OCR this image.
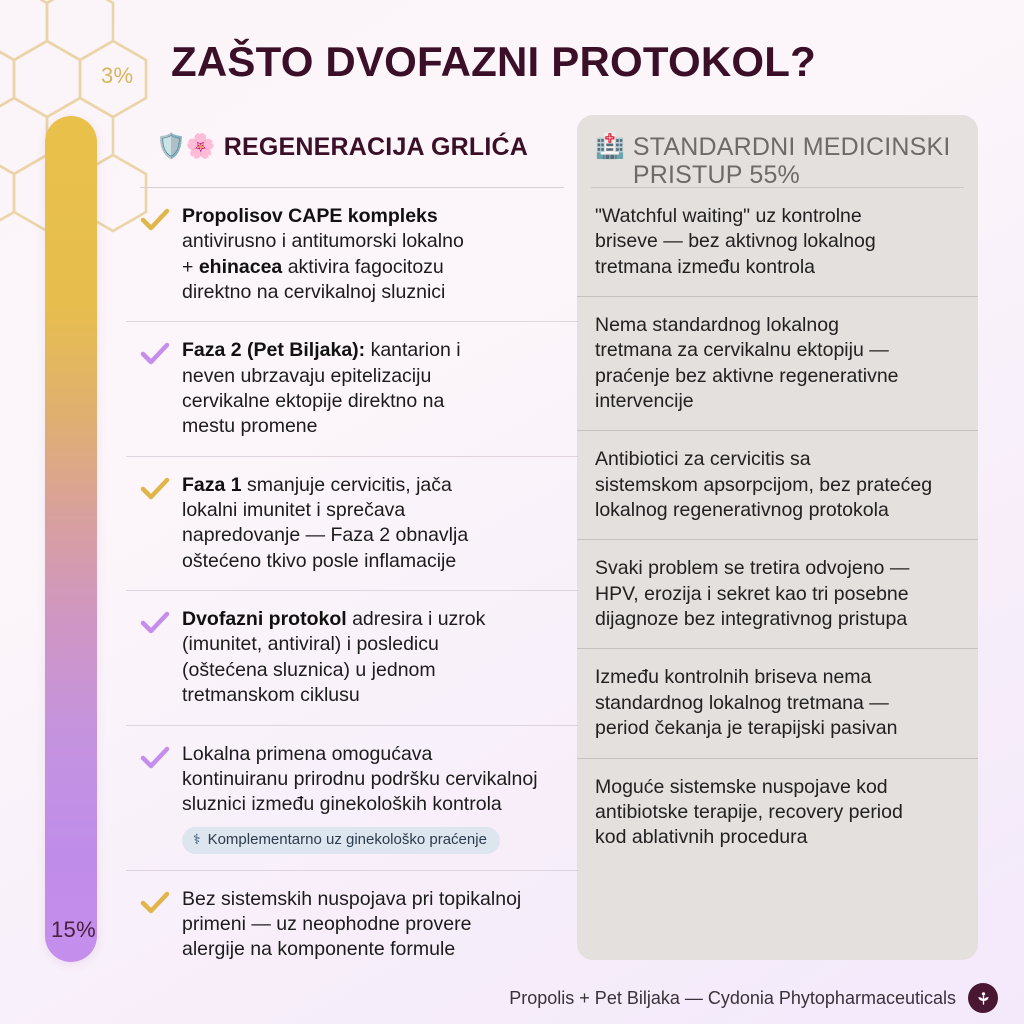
3%
15%
ZAŠTO DVOFAZNI PROTOKOL?
🛡️🌸 REGENERACIJA GRLIĆA
Propolisov CAPE kompleks
antivirusno i antitumorski lokalno
+ ehinacea aktivira fagocitozu
direktno na cervikalnoj sluznici
Faza 2 (Pet Biljaka): kantarion i
neven ubrzavaju epitelizaciju
cervikalne ektopije direktno na
mestu promene
Faza 1 smanjuje cervicitis, jača
lokalni imunitet i sprečava
napredovanje — Faza 2 obnavlja
oštećeno tkivo posle inflamacije
Dvofazni protokol adresira i uzrok
(imunitet, antiviral) i posledicu
(oštećena sluznica) u jednom
tretmanskom ciklusu
Lokalna primena omogućava
kontinuiranu prirodnu podršku cervikalnoj
sluznici između ginekoloških kontrola
⚕ Komplementarno uz ginekološko praćenje
Bez sistemskih nuspojava pri topikalnoj
primeni — uz neophodne provere
alergije na komponente formule
🏥 STANDARDNI MEDICINSKI PRISTUP 55%
"Watchful waiting" uz kontrolne
briseve — bez aktivnog lokalnog
tretmana između kontrola
Nema standardnog lokalnog
tretmana za cervikalnu ektopiju —
praćenje bez aktivne regenerativne
intervencije
Antibiotici za cervicitis sa
sistemskom apsorpcijom, bez pratećeg
lokalnog regenerativnog protokola
Svaki problem se tretira odvojeno —
HPV, erozija i sekret kao tri posebne
dijagnoze bez integrativnog pristupa
Između kontrolnih briseva nema
standardnog lokalnog tretmana —
period čekanja je terapijski pasivan
Moguće sistemske nuspojave kod
antibiotske terapije, recovery period
kod ablativnih procedura
Propolis + Pet Biljaka — Cydonia Phytopharmaceuticals
